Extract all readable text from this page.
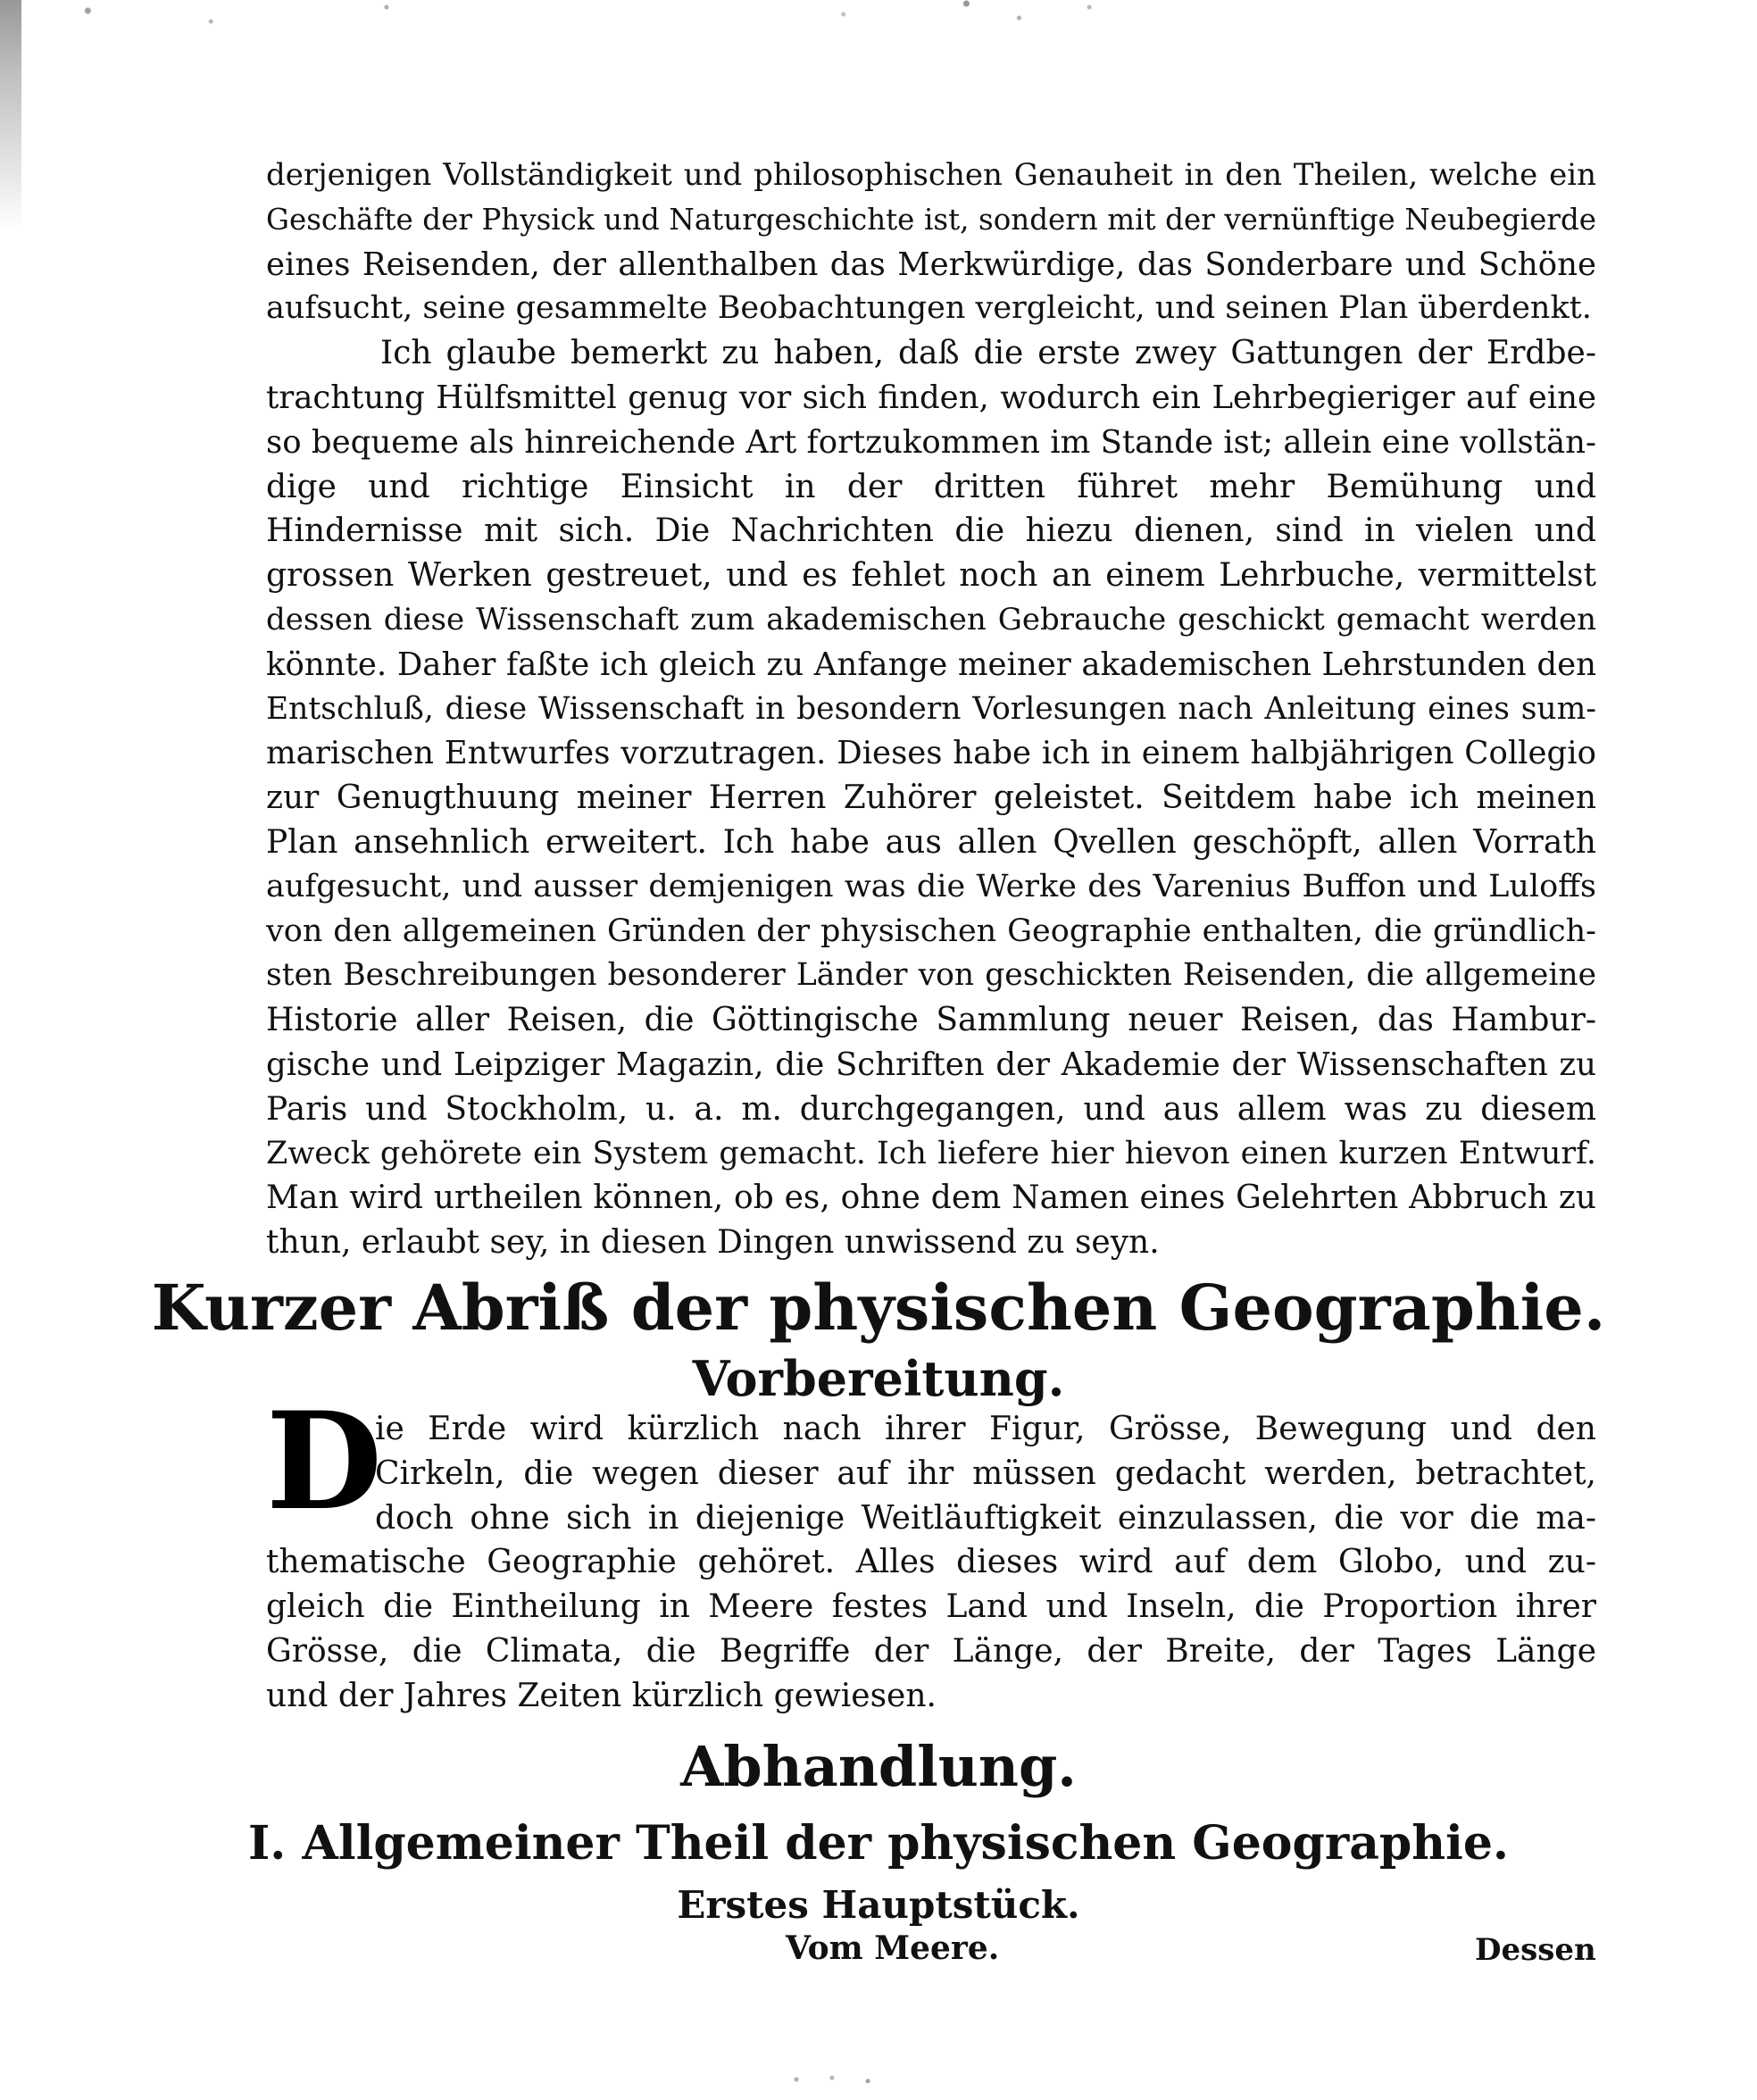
derjenigen Vollständigkeit und philosophischen Genauheit in den Theilen, welche ein
Geschäfte der Physick und Naturgeschichte ist, sondern mit der vernünftige Neubegierde
eines Reisenden, der allenthalben das Merkwürdige, das Sonderbare und Schöne
aufsucht, seine gesammelte Beobachtungen vergleicht, und seinen Plan überdenkt.
Ich glaube bemerkt zu haben, daß die erste zwey Gattungen der Erdbe-
trachtung Hülfsmittel genug vor sich finden, wodurch ein Lehrbegieriger auf eine
so bequeme als hinreichende Art fortzukommen im Stande ist; allein eine vollstän-
dige und richtige Einsicht in der dritten führet mehr Bemühung und
Hindernisse mit sich. Die Nachrichten die hiezu dienen, sind in vielen und
grossen Werken gestreuet, und es fehlet noch an einem Lehrbuche, vermittelst
dessen diese Wissenschaft zum akademischen Gebrauche geschickt gemacht werden
könnte. Daher faßte ich gleich zu Anfange meiner akademischen Lehrstunden den
Entschluß, diese Wissenschaft in besondern Vorlesungen nach Anleitung eines sum-
marischen Entwurfes vorzutragen. Dieses habe ich in einem halbjährigen Collegio
zur Genugthuung meiner Herren Zuhörer geleistet. Seitdem habe ich meinen
Plan ansehnlich erweitert. Ich habe aus allen Qvellen geschöpft, allen Vorrath
aufgesucht, und ausser demjenigen was die Werke des Varenius Buffon und Luloffs
von den allgemeinen Gründen der physischen Geographie enthalten, die gründlich-
sten Beschreibungen besonderer Länder von geschickten Reisenden, die allgemeine
Historie aller Reisen, die Göttingische Sammlung neuer Reisen, das Hambur-
gische und Leipziger Magazin, die Schriften der Akademie der Wissenschaften zu
Paris und Stockholm, u. a. m. durchgegangen, und aus allem was zu diesem
Zweck gehörete ein System gemacht. Ich liefere hier hievon einen kurzen Entwurf.
Man wird urtheilen können, ob es, ohne dem Namen eines Gelehrten Abbruch zu
thun, erlaubt sey, in diesen Dingen unwissend zu seyn.
Kurzer Abriß der physischen Geographie.
Vorbereitung.
D
ie Erde wird kürzlich nach ihrer Figur, Grösse, Bewegung und den
Cirkeln, die wegen dieser auf ihr müssen gedacht werden, betrachtet,
doch ohne sich in diejenige Weitläuftigkeit einzulassen, die vor die ma-
thematische Geographie gehöret. Alles dieses wird auf dem Globo, und zu-
gleich die Eintheilung in Meere festes Land und Inseln, die Proportion ihrer
Grösse, die Climata, die Begriffe der Länge, der Breite, der Tages Länge
und der Jahres Zeiten kürzlich gewiesen.
Abhandlung.
I. Allgemeiner Theil der physischen Geographie.
Erstes Hauptstück.
Vom Meere.	Dessen
